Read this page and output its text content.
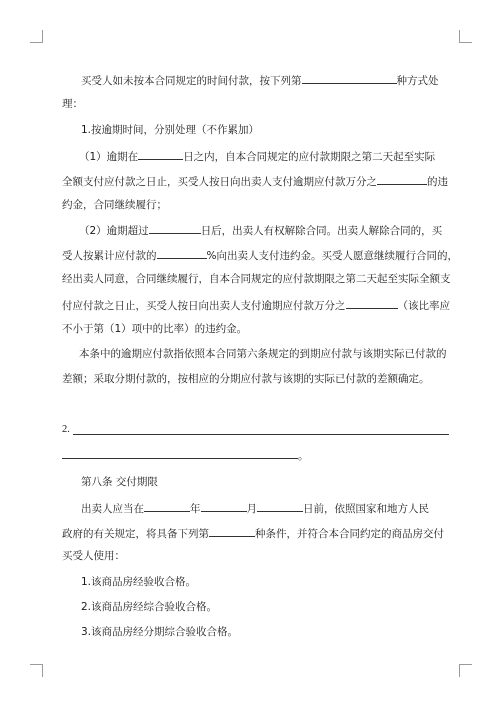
买受人如未按本合同规定的时间付款，按下列第	种方式处
理：
1.按逾期时间，分别处理（不作累加）
（1）逾期在	日之内，自本合同规定的应付款期限之第二天起至实际
全额支付应付款之日止，买受人按日向出卖人支付逾期应付款万分之	的违
约金，合同继续履行；
（2）逾期超过	日后，出卖人有权解除合同。出卖人解除合同的，买
受人按累计应付款的	%向出卖人支付违约金。买受人愿意继续履行合同的，
经出卖人同意，合同继续履行，自本合同规定的应付款期限之第二天起至实际全额支
付应付款之日止，买受人按日向出卖人支付逾期应付款万分之	（该比率应
不小于第（1）项中的比率）的违约金。
本条中的逾期应付款指依照本合同第六条规定的到期应付款与该期实际已付款的
差额；采取分期付款的，按相应的分期应付款与该期的实际已付款的差额确定。
2.
。
第八条 交付期限
出卖人应当在	年	月	日前，依照国家和地方人民
政府的有关规定，将具备下列第	种条件，并符合本合同约定的商品房交付
买受人使用：
1.该商品房经验收合格。
2.该商品房经综合验收合格。
3.该商品房经分期综合验收合格。
